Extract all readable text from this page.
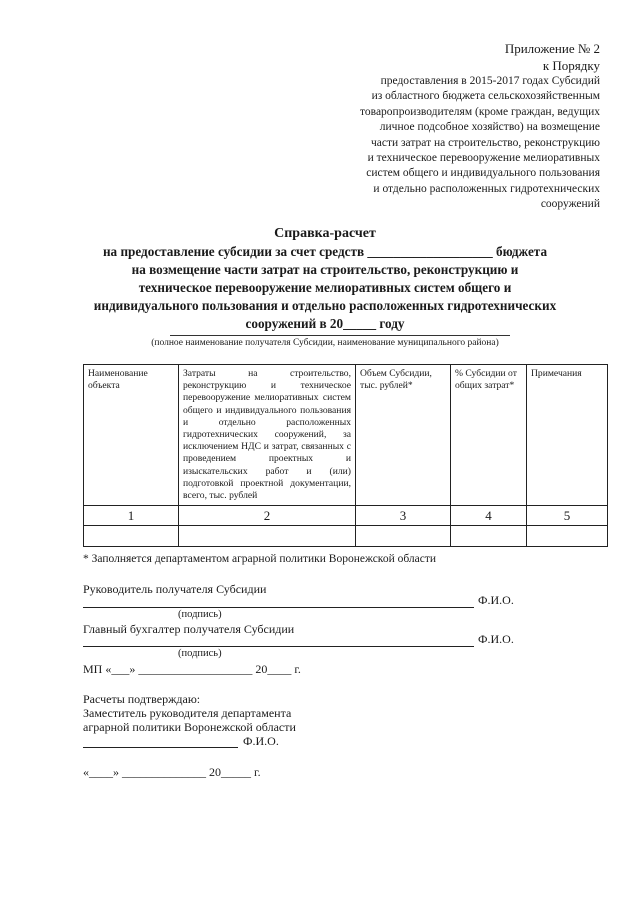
Приложение № 2
к Порядку
предоставления в 2015-2017 годах Субсидий
из областного бюджета сельскохозяйственным
товаропроизводителям (кроме граждан, ведущих
личное подсобное хозяйство) на возмещение
части затрат на строительство, реконструкцию
и техническое перевооружение мелиоративных
систем общего и индивидуального пользования
и отдельно расположенных гидротехнических
сооружений
Справка-расчет
на предоставление субсидии за счет средств ___________________ бюджета
на возмещение части затрат на строительство, реконструкцию и
техническое перевооружение мелиоративных систем общего и
индивидуального пользования и отдельно расположенных гидротехнических
сооружений в 20_____ году
(полное наименование получателя Субсидии, наименование муниципального района)
Наименование объекта	Затраты на строительство, реконструкцию и техническое перевооружение мелиоративных систем общего и индивидуального пользования и отдельно расположенных гидротехнических сооружений, за исключением НДС и затрат, связанных с проведением проектных и изыскательских работ и (или) подготовкой проектной документации, всего, тыс. рублей	Объем Субсидии, тыс. рублей*	% Субсидии от общих затрат*	Примечания
1	2	3	4	5

* Заполняется департаментом аграрной политики Воронежской области
Руководитель получателя Субсидии
Ф.И.О.
(подпись)
Главный бухгалтер получателя Субсидии
Ф.И.О.
(подпись)
МП «___» ___________________ 20____ г.
Расчеты подтверждаю:
Заместитель руководителя департамента
аграрной политики Воронежской области
Ф.И.О.
«____» ______________ 20_____ г.
